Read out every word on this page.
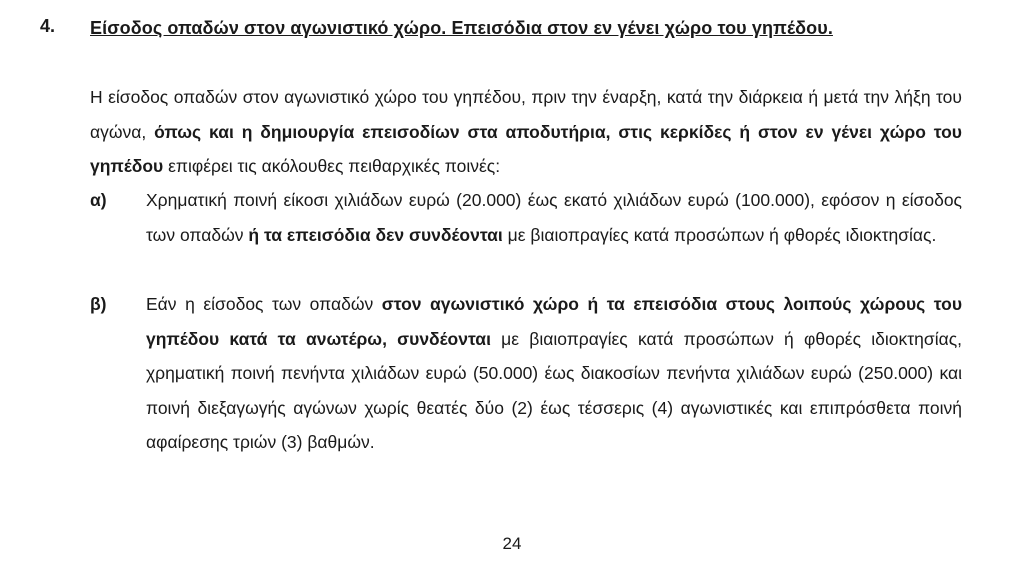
4. Είσοδος οπαδών στον αγωνιστικό χώρο. Επεισόδια στον εν γένει χώρο του γηπέδου.
Η είσοδος οπαδών στον αγωνιστικό χώρο του γηπέδου, πριν την έναρξη, κατά την διάρκεια ή μετά την λήξη του αγώνα, όπως και η δημιουργία επεισοδίων στα αποδυτήρια, στις κερκίδες ή στον εν γένει χώρο του γηπέδου επιφέρει τις ακόλουθες πειθαρχικές ποινές:
α) Χρηματική ποινή είκοσι χιλιάδων ευρώ (20.000) έως εκατό χιλιάδων ευρώ (100.000), εφόσον η είσοδος των οπαδών ή τα επεισόδια δεν συνδέονται με βιαιοπραγίες κατά προσώπων ή φθορές ιδιοκτησίας.
β) Εάν η είσοδος των οπαδών στον αγωνιστικό χώρο ή τα επεισόδια στους λοιπούς χώρους του γηπέδου κατά τα ανωτέρω, συνδέονται με βιαιοπραγίες κατά προσώπων ή φθορές ιδιοκτησίας, χρηματική ποινή πενήντα χιλιάδων ευρώ (50.000) έως διακοσίων πενήντα χιλιάδων ευρώ (250.000) και ποινή διεξαγωγής αγώνων χωρίς θεατές δύο (2) έως τέσσερις (4) αγωνιστικές και επιπρόσθετα ποινή αφαίρεσης τριών (3) βαθμών.
24
